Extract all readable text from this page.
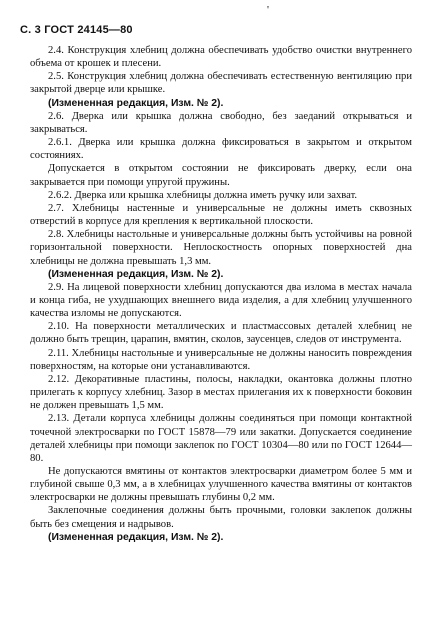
'
С. 3 ГОСТ 24145—80

2.4. Конструкция хлебниц должна обеспечивать удобство очистки внутреннего объема от крошек и плесени.

2.5. Конструкция хлебниц должна обеспечивать естественную вентиляцию при закрытой дверце или крышке.

(Измененная редакция, Изм. № 2).

2.6. Дверка или крышка должна свободно, без заеданий открываться и закрываться.

2.6.1. Дверка или крышка должна фиксироваться в закрытом и открытом состояниях.

Допускается в открытом состоянии не фиксировать дверку, если она закрывается при помощи упругой пружины.

2.6.2. Дверка или крышка хлебницы должна иметь ручку или захват.

2.7. Хлебницы настенные и универсальные не должны иметь сквозных отверстий в корпусе для крепления к вертикальной плоскости.

2.8. Хлебницы настольные и универсальные должны быть устойчивы на ровной горизонтальной поверхности. Неплоскостность опорных поверхностей дна хлебницы не должна превышать 1,3 мм.

(Измененная редакция, Изм. № 2).

2.9. На лицевой поверхности хлебниц допускаются два излома в местах начала и конца гиба, не ухудшающих внешнего вида изделия, а для хлебниц улучшенного качества изломы не допускаются.

2.10. На поверхности металлических и пластмассовых деталей хлебниц не должно быть трещин, царапин, вмятин, сколов, заусенцев, следов от инструмента.

2.11. Хлебницы настольные и универсальные не должны наносить повреждения поверхностям, на которые они устанавливаются.

2.12. Декоративные пластины, полосы, накладки, окантовка должны плотно прилегать к корпусу хлебниц. Зазор в местах прилегания их к поверхности боковин не должен превышать 1,5 мм.

2.13. Детали корпуса хлебницы должны соединяться при помощи контактной точечной электросварки по ГОСТ 15878—79 или закатки. Допускается соединение деталей хлебницы при помощи заклепок по ГОСТ 10304—80 или по ГОСТ 12644—80.

Не допускаются вмятины от контактов электросварки диаметром более 5 мм и глубиной свыше 0,3 мм, а в хлебницах улучшенного качества вмятины от контактов электросварки не должны превышать глубины 0,2 мм.

Заклепочные соединения должны быть прочными, головки заклепок должны быть без смещения и надрывов.

(Измененная редакция, Изм. № 2).
